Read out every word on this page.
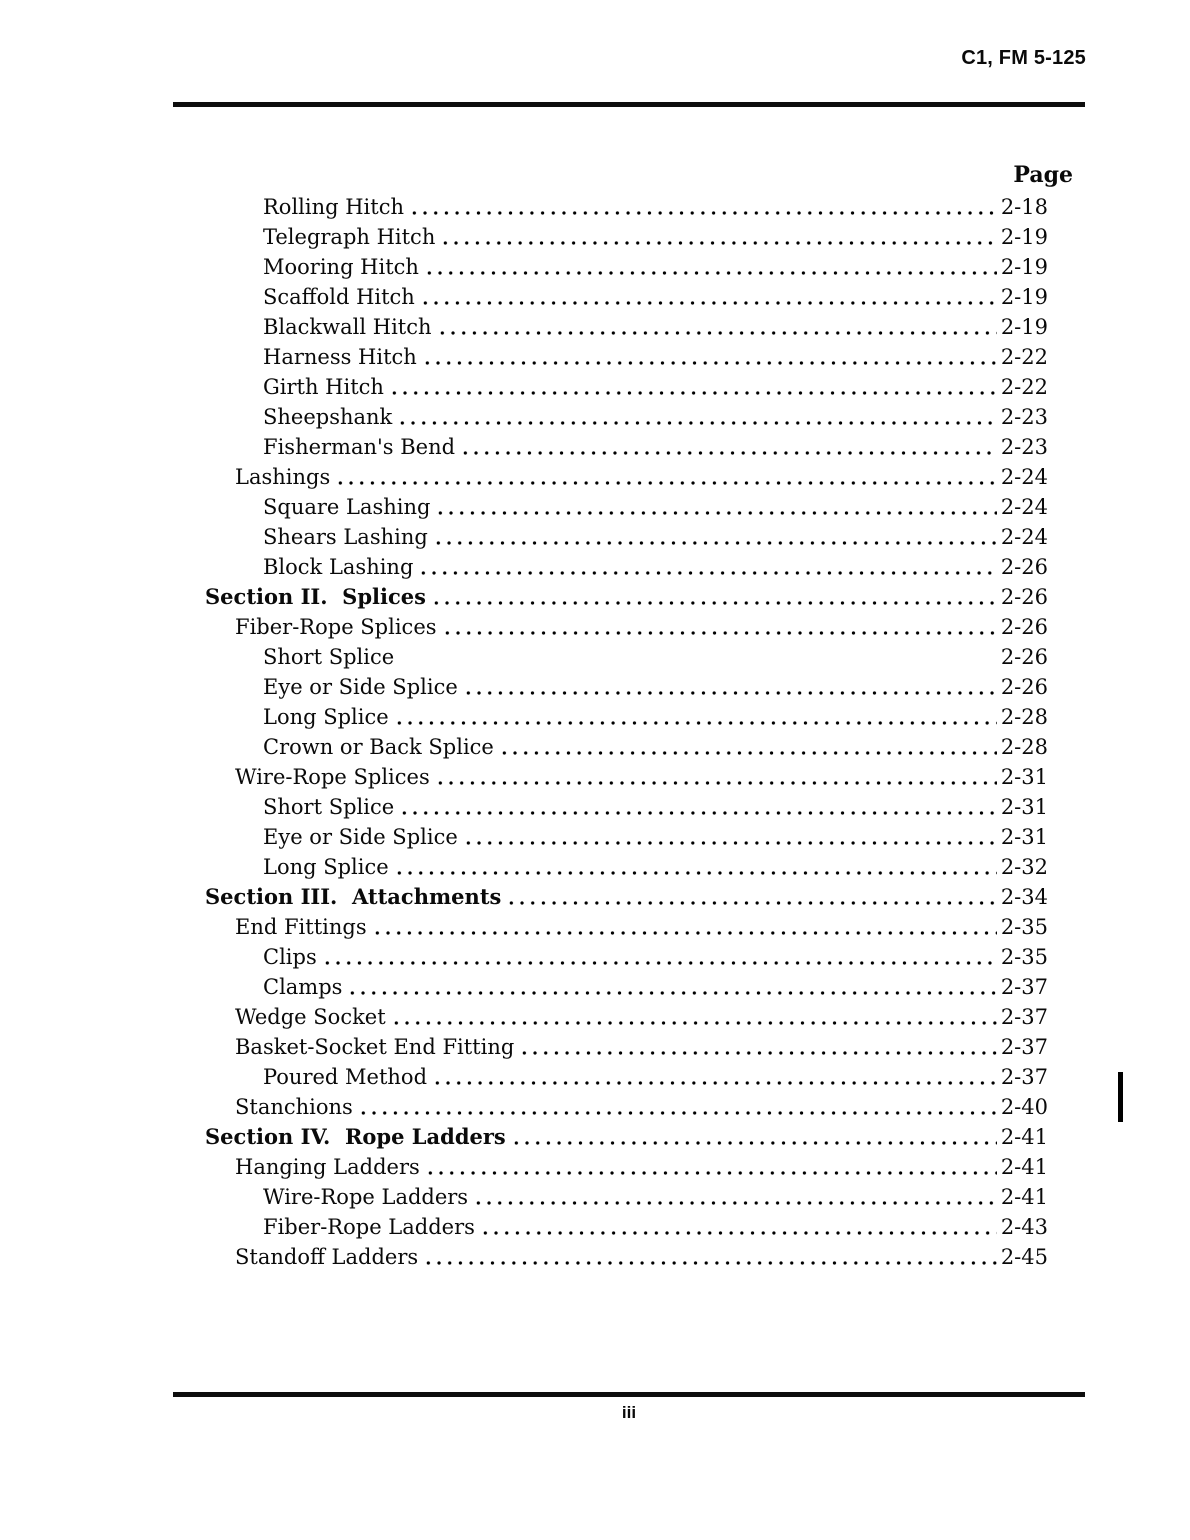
C1, FM 5-125
Page
Rolling Hitch	2-18
Telegraph Hitch	2-19
Mooring Hitch	2-19
Scaffold Hitch	2-19
Blackwall Hitch	2-19
Harness Hitch	2-22
Girth Hitch	2-22
Sheepshank	2-23
Fisherman's Bend	2-23
Lashings	2-24
Square Lashing	2-24
Shears Lashing	2-24
Block Lashing	2-26
Section II.  Splices	2-26
Fiber-Rope Splices	2-26
Short Splice	2-26
Eye or Side Splice	2-26
Long Splice	2-28
Crown or Back Splice	2-28
Wire-Rope Splices	2-31
Short Splice	2-31
Eye or Side Splice	2-31
Long Splice	2-32
Section III.  Attachments	2-34
End Fittings	2-35
Clips	2-35
Clamps	2-37
Wedge Socket	2-37
Basket-Socket End Fitting	2-37
Poured Method	2-37
Stanchions	2-40
Section IV.  Rope Ladders	2-41
Hanging Ladders	2-41
Wire-Rope Ladders	2-41
Fiber-Rope Ladders	2-43
Standoff Ladders	2-45
iii
